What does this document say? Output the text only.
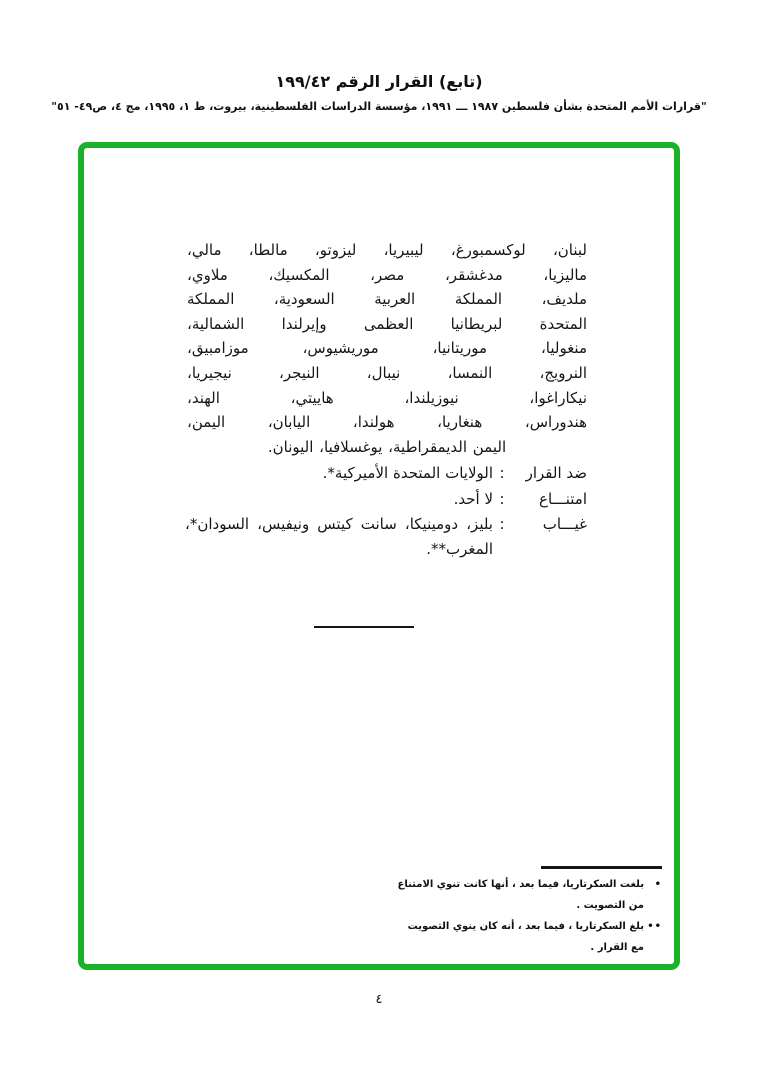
(تابع) القرار الرقم ١٩٩/٤٢
"قرارات الأمم المتحدة بشأن فلسطين ١٩٨٧ ـــ ١٩٩١، مؤسسة الدراسات الفلسطينية، بيروت، ط ١، ١٩٩٥، مج ٤، ص٤٩- ٥١"
لبنان، لوكسمبورغ، ليبيريا، ليزوتو، مالطا، مالي،
ماليزيا، مدغشقر، مصر، المكسيك، ملاوي،
ملديف، المملكة العربية السعودية، المملكة
المتحدة لبريطانيا العظمى وإيرلندا الشمالية،
منغوليا، موريتانيا، موريشيوس، موزامبيق،
النرويج، النمسا، نيبال، النيجر، نيجيريا،
نيكاراغوا، نيوزيلندا، هاييتي، الهند،
هندوراس، هنغاريا، هولندا، اليابان، اليمن،
اليمن الديمقراطية، يوغسلافيا، اليونان.
ضد القرار
:
الولايات المتحدة الأميركية*.
امتنـــاع
:
لا أحد.
غيـــاب
:
بليز، دومينيكا، سانت كيتس ونيفيس، السودان*، المغرب**.
•
بلغت السكرتاريا، فيما بعد ، أنها كانت تنوي الامتناع من التصويت .
••
بلغ السكرتاريا ، فيما بعد ، أنه كان ينوي التصويت مع القرار .
٤
